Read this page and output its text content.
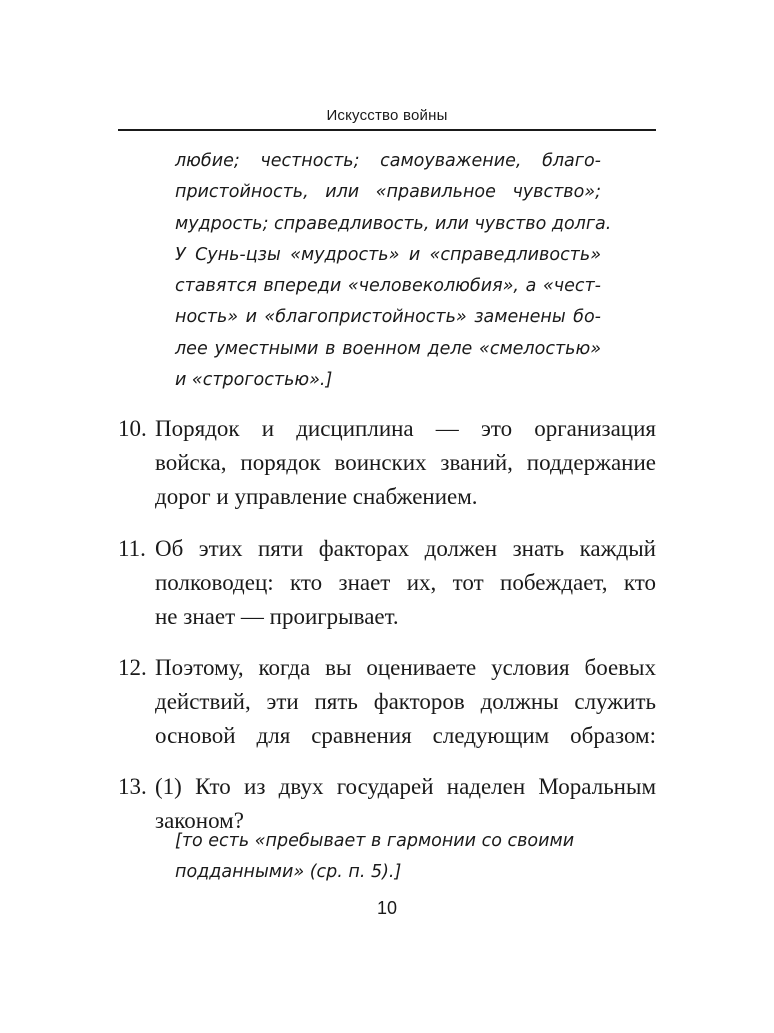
Искусство войны
любие; честность; самоуважение, благо-
пристойность, или «правильное чувство»;
мудрость; справедливость, или чувство долга.
У Сунь-цзы «мудрость» и «справедливость»
ставятся впереди «человеколюбия», а «чест-
ность» и «благопристойность» заменены бо-
лее уместными в военном деле «смелостью»
и «строгостью».]
10. Порядок и дисциплина — это организация
войска, порядок воинских званий, поддержание
дорог и управление снабжением.
11. Об этих пяти факторах должен знать каждый
полководец: кто знает их, тот побеждает, кто
не знает — проигрывает.
12. Поэтому, когда вы оцениваете условия боевых
действий, эти пять факторов должны служить
основой для сравнения следующим образом:
13. (1) Кто из двух государей наделен Моральным
законом?
[то есть «пребывает в гармонии со своими
подданными» (ср. п. 5).]
10
